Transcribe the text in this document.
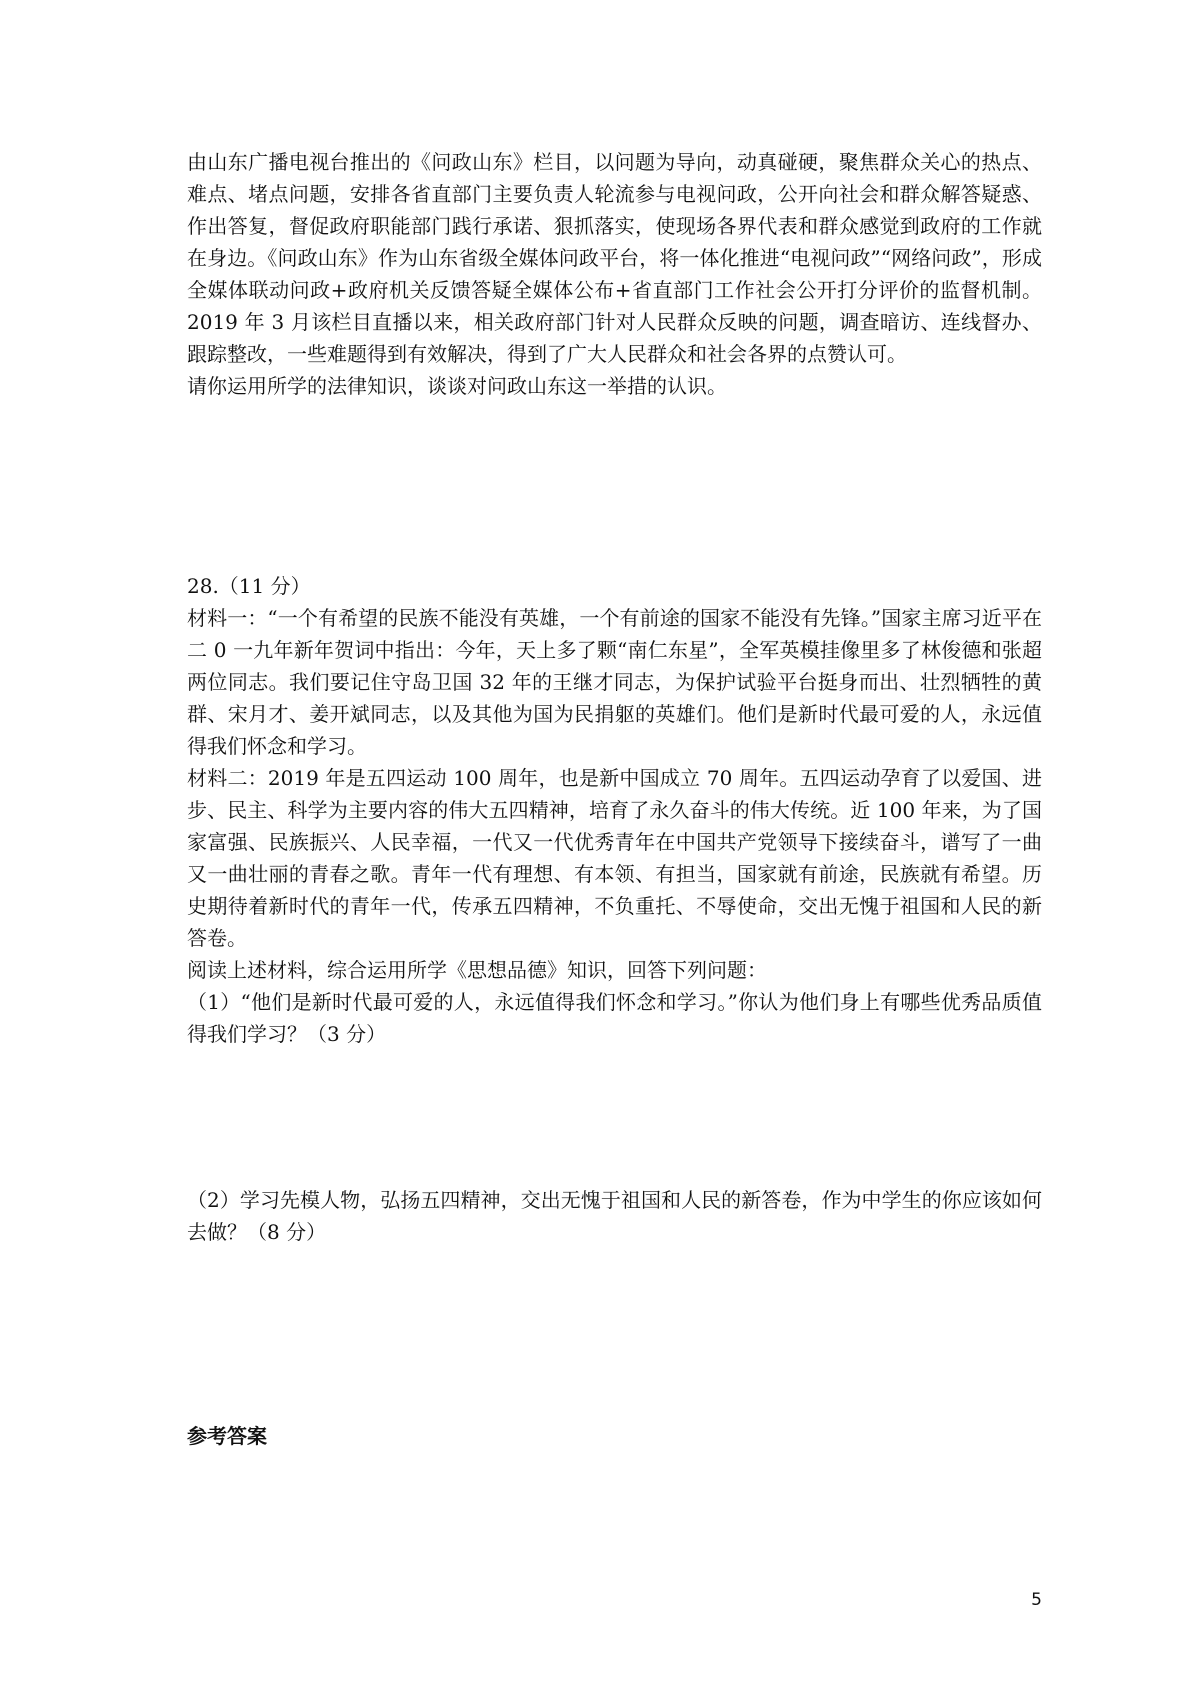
由山东广播电视台推出的《问政山东》栏目，以问题为导向，动真碰硬，聚焦群众关心的热点、难点、堵点问题，安排各省直部门主要负责人轮流参与电视问政，公开向社会和群众解答疑惑、作出答复，督促政府职能部门践行承诺、狠抓落实，使现场各界代表和群众感觉到政府的工作就在身边。《问政山东》作为山东省级全媒体问政平台，将一体化推进“电视问政”“网络问政”，形成全媒体联动问政+政府机关反馈答疑全媒体公布+省直部门工作社会公开打分评价的监督机制。2019 年 3 月该栏目直播以来，相关政府部门针对人民群众反映的问题，调查暗访、连线督办、跟踪整改，一些难题得到有效解决，得到了广大人民群众和社会各界的点赞认可。

请你运用所学的法律知识，谈谈对问政山东这一举措的认识。

28.（11 分）

材料一：“一个有希望的民族不能没有英雄，一个有前途的国家不能没有先锋。”国家主席习近平在二 0 一九年新年贺词中指出：今年，天上多了颗“南仁东星”，全军英模挂像里多了林俊德和张超两位同志。我们要记住守岛卫国 32 年的王继才同志，为保护试验平台挺身而出、壮烈牺牲的黄群、宋月才、姜开斌同志，以及其他为国为民捐躯的英雄们。他们是新时代最可爱的人，永远值得我们怀念和学习。

材料二：2019 年是五四运动 100 周年，也是新中国成立 70 周年。五四运动孕育了以爱国、进步、民主、科学为主要内容的伟大五四精神，培育了永久奋斗的伟大传统。近 100 年来，为了国家富强、民族振兴、人民幸福，一代又一代优秀青年在中国共产党领导下接续奋斗，谱写了一曲又一曲壮丽的青春之歌。青年一代有理想、有本领、有担当，国家就有前途，民族就有希望。历史期待着新时代的青年一代，传承五四精神，不负重托、不辱使命，交出无愧于祖国和人民的新答卷。

阅读上述材料，综合运用所学《思想品德》知识，回答下列问题：

（1）“他们是新时代最可爱的人，永远值得我们怀念和学习。”你认为他们身上有哪些优秀品质值得我们学习？（3 分）

（2）学习先模人物，弘扬五四精神，交出无愧于祖国和人民的新答卷，作为中学生的你应该如何去做？（8 分）

参考答案

5
